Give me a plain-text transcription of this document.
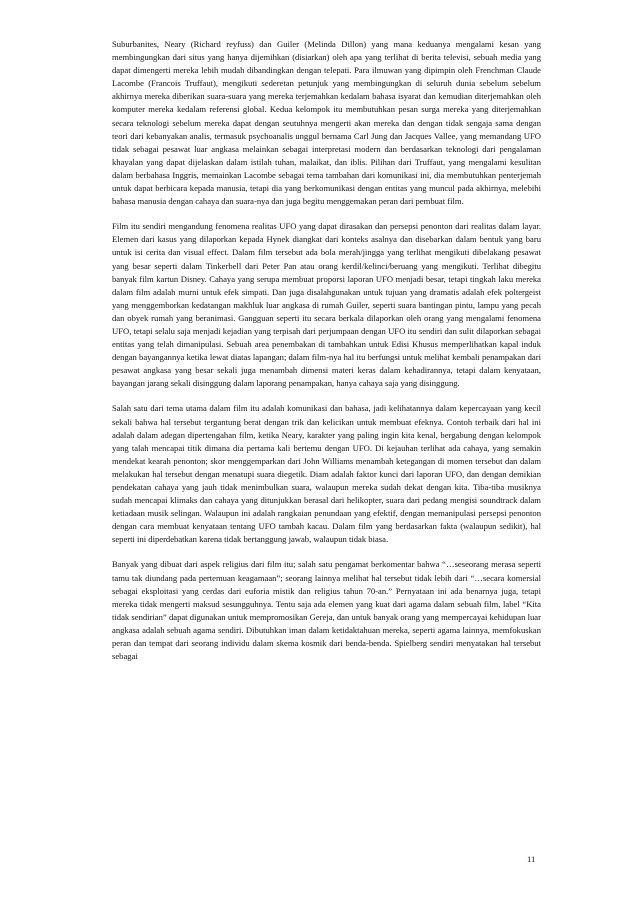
Suburbanites, Neary (Richard reyfuss) dan Guiler (Melinda Dillon) yang mana keduanya mengalami kesan yang membingungkan dari situs yang hanya dijemihkan (disiarkan) oleh apa yang terlihat di berita televisi, sebuah media yang dapat dimengerti mereka lebih mudah dibandingkan dengan telepati. Para ilmuwan yang dipimpin oleh Frenchman Claude Lacombe (Francois Truffaut), mengikuti sederetan petunjuk yang membingungkan di seluruh dunia sebelum sebelum akhirnya mereka diberikan suara-suara yang mereka terjemahkan kedalam bahasa isyarat dan kemudian diterjemahkan oleh komputer mereka kedalam referensi global. Kedua kelompok itu membutuhkan pesan surga mereka yang diterjemahkan secara teknologi sebelum mereka dapat dengan seutuhnya mengerti akan mereka dan dengan tidak sengaja sama dengan teori dari kebanyakan analis, termasuk psychoanalis unggul bernama Carl Jung dan Jacques Vallee, yang memandang UFO tidak sebagai pesawat luar angkasa melainkan sebagai interpretasi modern dan berdasarkan teknologi dari pengalaman khayalan yang dapat dijelaskan dalam istilah tuhan, malaikat, dan iblis. Pilihan dari Truffaut, yang mengalami kesulitan dalam berbahasa Inggris, memainkan Lacombe sebagai tema tambahan dari komunikasi ini, dia membutuhkan penterjemah untuk dapat berbicara kepada manusia, tetapi dia yang berkomunikasi dengan entitas yang muncul pada akhirnya, melebihi bahasa manusia dengan cahaya dan suara-nya dan juga begitu menggemakan peran dari pembuat film.

Film itu sendiri mengandung fenomena realitas UFO yang dapat dirasakan dan persepsi penonton dari realitas dalam layar. Elemen dari kasus yang dilaporkan kepada Hynek diangkat dari konteks asalnya dan disebarkan dalam bentuk yang baru untuk isi cerita dan visual effect. Dalam film tersebut ada bola merah/jingga yang terlihat mengikuti dibelakang pesawat yang besar seperti dalam Tinkerbell dari Peter Pan atau orang kerdil/kelinci/beruang yang mengikuti. Terlihat dibegitu banyak film kartun Disney. Cahaya yang serupa membuat proporsi laporan UFO menjadi besar, tetapi tingkah laku mereka dalam film adalah murni untuk efek simpati. Dan juga disalahgunakan untuk tujuan yang dramatis adalah efek poltergeist yang menggemborkan kedatangan makhluk luar angkasa di rumah Guiler, seperti suara bantingan pintu, lampu yang pecah dan obyek rumah yang beranimasi. Gangguan seperti itu secara berkala dilaporkan oleh orang yang mengalami fenomena UFO, tetapi selalu saja menjadi kejadian yang terpisah dari perjumpaan dengan UFO itu sendiri dan sulit dilaporkan sebagai entitas yang telah dimanipulasi. Sebuah area penembakan di tambahkan untuk Edisi Khusus memperlihatkan kapal induk dengan bayangannya ketika lewat diatas lapangan; dalam film-nya hal itu berfungsi untuk melihat kembali penampakan dari pesawat angkasa yang besar sekali juga menambah dimensi materi keras dalam kehadirannya, tetapi dalam kenyataan, bayangan jarang sekali disinggung dalam laporang penampakan, hanya cahaya saja yang disinggung.

Salah satu dari tema utama dalam film itu adalah komunikasi dan bahasa, jadi kelihatannya dalam kepercayaan yang kecil sekali bahwa hal tersebut tergantung berat dengan trik dan kelicikan untuk membuat efeknya. Contoh terbaik dari hal ini adalah dalam adegan dipertengahan film, ketika Neary, karakter yang paling ingin kita kenal, bergabung dengan kelompok yang talah mencapai titik dimana dia pertama kali bertemu dengan UFO. Di kejauhan terlihat ada cahaya, yang semakin mendekat kearah penonton; skor menggemparkan dari John Williams menambah ketegangan di momen tersebut dan dalam melakukan hal tersebut dengan menatupi suara diegetik. Diam adalah faktor kunci dari laporan UFO, dan dengan demikian pendekatan cahaya yang jauh tidak menimbulkan suara, walaupun mereka sudah dekat dengan kita. Tiba-tiba musiknya sudah mencapai klimaks dan cahaya yang ditunjukkan berasal dari helikopter, suara dari pedang mengisi soundtrack dalam ketiadaan musik selingan. Walaupun ini adalah rangkaian penundaan yang efektif, dengan memanipulasi persepsi penonton dengan cara membuat kenyataan tentang UFO tambah kacau. Dalam film yang berdasarkan fakta (walaupun sedikit), hal seperti ini diperdebatkan karena tidak bertanggung jawab, walaupun tidak biasa.

Banyak yang dibuat dari aspek religius dari film itu; salah satu pengamat berkomentar bahwa “…seseorang merasa seperti tamu tak diundang pada pertemuan keagamaan”; seorang lainnya melihat hal tersebut tidak lebih dari “…secara komersial sebagai eksploitasi yang cerdas dari euforia mistik dan religius tahun 70-an.” Pernyataan ini ada benarnya juga, tetapi mereka tidak mengerti maksud sesungguhnya. Tentu saja ada elemen yang kuat dari agama dalam sebuah film, label “Kita tidak sendirian” dapat digunakan untuk mempromosikan Gereja, dan untuk banyak orang yang mempercayai kehidupan luar angkasa adalah sebuah agama sendiri. Dibutuhkan iman dalam ketidaktahuan mereka, seperti agama lainnya, memfokuskan peran dan tempat dari seorang individu dalam skema kosmik dari benda-benda. Spielberg sendiri menyatakan hal tersebut sebagai

11
